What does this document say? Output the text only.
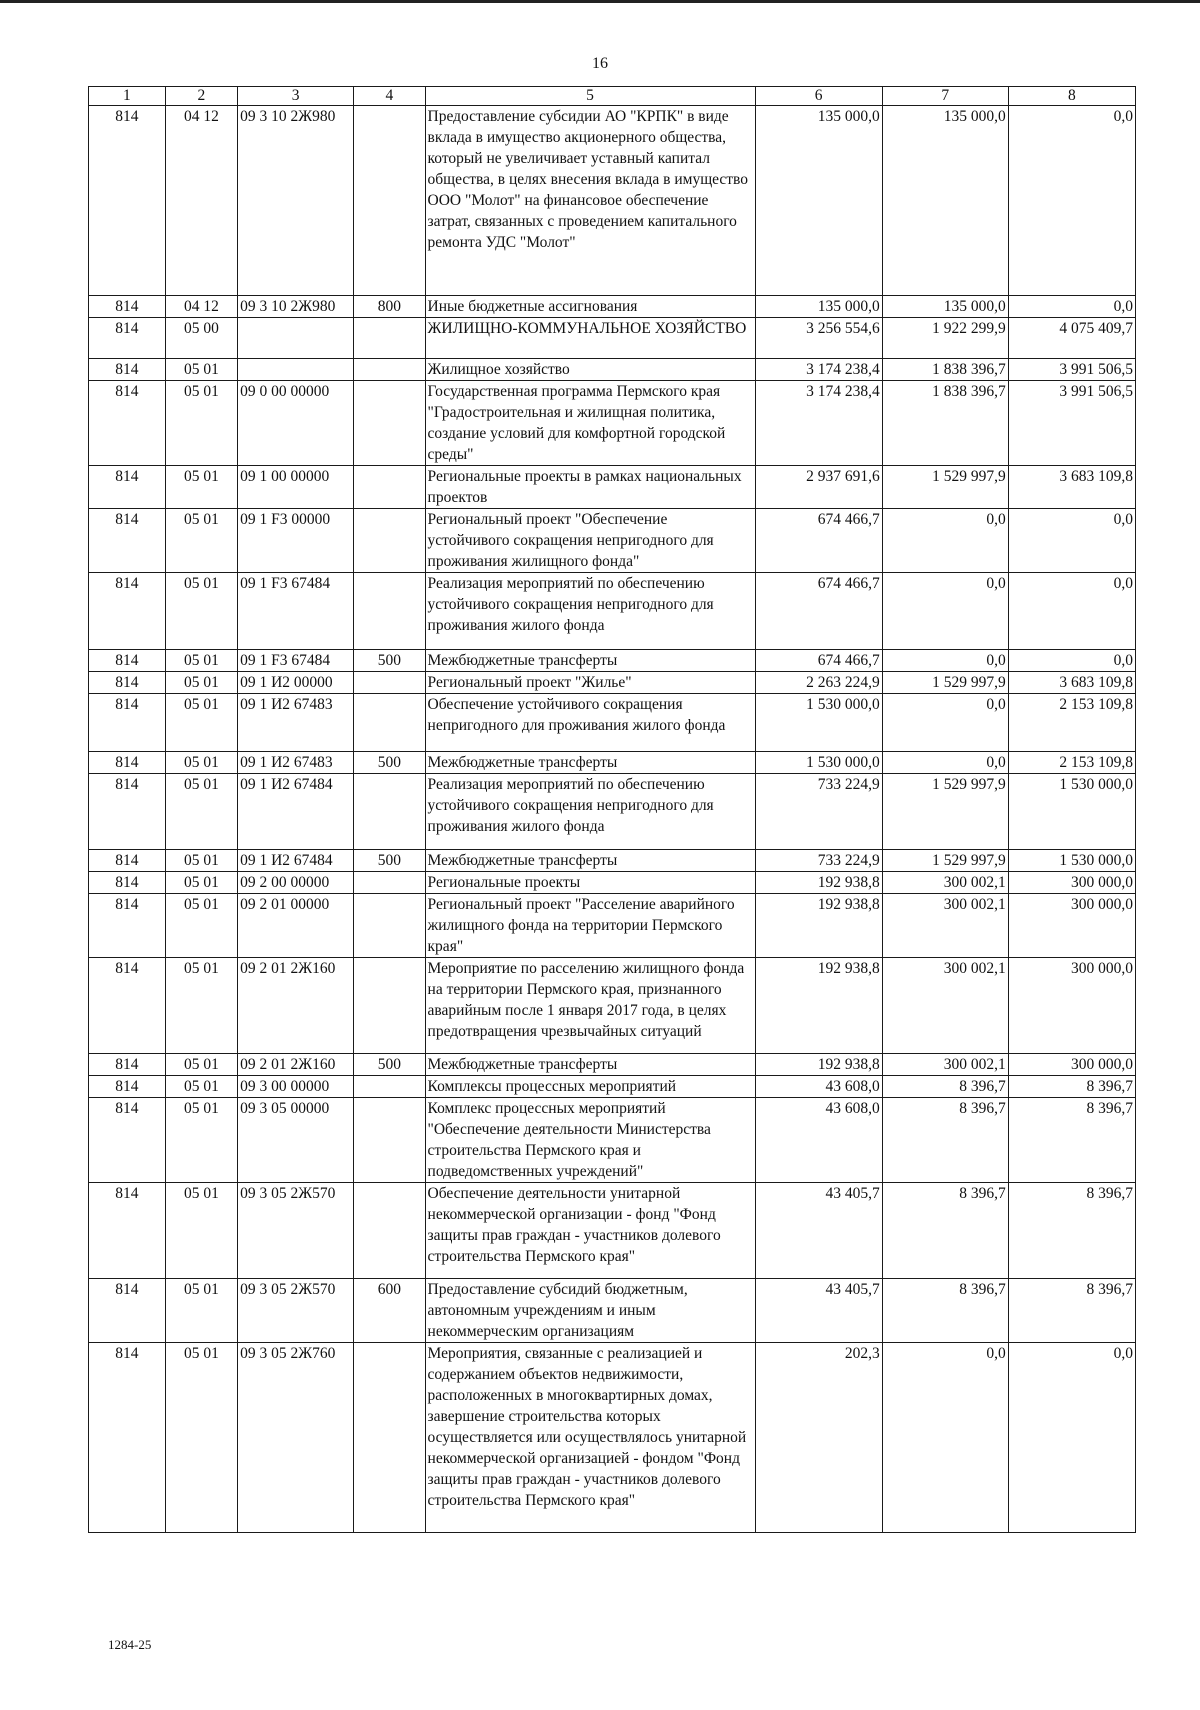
16
1	2	3	4	5	6	7	8
814	04 12	09 3 10 2Ж980		Предоставление субсидии АО "КРПК" в виде вклада в имущество акционерного общества, который не увеличивает уставный капитал общества, в целях внесения вклада в имущество ООО "Молот" на финансовое обеспечение затрат, связанных с проведением капитального ремонта УДС "Молот"	135 000,0	135 000,0	0,0
814	04 12	09 3 10 2Ж980	800	Иные бюджетные ассигнования	135 000,0	135 000,0	0,0
814	05 00			ЖИЛИЩНО-КОММУНАЛЬНОЕ ХОЗЯЙСТВО	3 256 554,6	1 922 299,9	4 075 409,7
814	05 01			Жилищное хозяйство	3 174 238,4	1 838 396,7	3 991 506,5
814	05 01	09 0 00 00000		Государственная программа Пермского края "Градостроительная и жилищная политика, создание условий для комфортной городской среды"	3 174 238,4	1 838 396,7	3 991 506,5
814	05 01	09 1 00 00000		Региональные проекты в рамках национальных проектов	2 937 691,6	1 529 997,9	3 683 109,8
814	05 01	09 1 F3 00000		Региональный проект "Обеспечение устойчивого сокращения непригодного для проживания жилищного фонда"	674 466,7	0,0	0,0
814	05 01	09 1 F3 67484		Реализация мероприятий по обеспечению устойчивого сокращения непригодного для проживания жилого фонда	674 466,7	0,0	0,0
814	05 01	09 1 F3 67484	500	Межбюджетные трансферты	674 466,7	0,0	0,0
814	05 01	09 1 И2 00000		Региональный проект "Жилье"	2 263 224,9	1 529 997,9	3 683 109,8
814	05 01	09 1 И2 67483		Обеспечение устойчивого сокращения непригодного для проживания жилого фонда	1 530 000,0	0,0	2 153 109,8
814	05 01	09 1 И2 67483	500	Межбюджетные трансферты	1 530 000,0	0,0	2 153 109,8
814	05 01	09 1 И2 67484		Реализация мероприятий по обеспечению устойчивого сокращения непригодного для проживания жилого фонда	733 224,9	1 529 997,9	1 530 000,0
814	05 01	09 1 И2 67484	500	Межбюджетные трансферты	733 224,9	1 529 997,9	1 530 000,0
814	05 01	09 2 00 00000		Региональные проекты	192 938,8	300 002,1	300 000,0
814	05 01	09 2 01 00000		Региональный проект "Расселение аварийного жилищного фонда на территории Пермского края"	192 938,8	300 002,1	300 000,0
814	05 01	09 2 01 2Ж160		Мероприятие по расселению жилищного фонда на территории Пермского края, признанного аварийным после 1 января 2017 года, в целях предотвращения чрезвычайных ситуаций	192 938,8	300 002,1	300 000,0
814	05 01	09 2 01 2Ж160	500	Межбюджетные трансферты	192 938,8	300 002,1	300 000,0
814	05 01	09 3 00 00000		Комплексы процессных мероприятий	43 608,0	8 396,7	8 396,7
814	05 01	09 3 05 00000		Комплекс процессных мероприятий "Обеспечение деятельности Министерства строительства Пермского края и подведомственных учреждений"	43 608,0	8 396,7	8 396,7
814	05 01	09 3 05 2Ж570		Обеспечение деятельности унитарной некоммерческой организации - фонд "Фонд защиты прав граждан - участников долевого строительства Пермского края"	43 405,7	8 396,7	8 396,7
814	05 01	09 3 05 2Ж570	600	Предоставление субсидий бюджетным, автономным учреждениям и иным некоммерческим организациям	43 405,7	8 396,7	8 396,7
814	05 01	09 3 05 2Ж760		Мероприятия, связанные с реализацией и содержанием объектов недвижимости, расположенных в многоквартирных домах, завершение строительства которых осуществляется или осуществлялось унитарной некоммерческой организацией - фондом "Фонд защиты прав граждан - участников долевого строительства Пермского края"	202,3	0,0	0,0
1284-25
